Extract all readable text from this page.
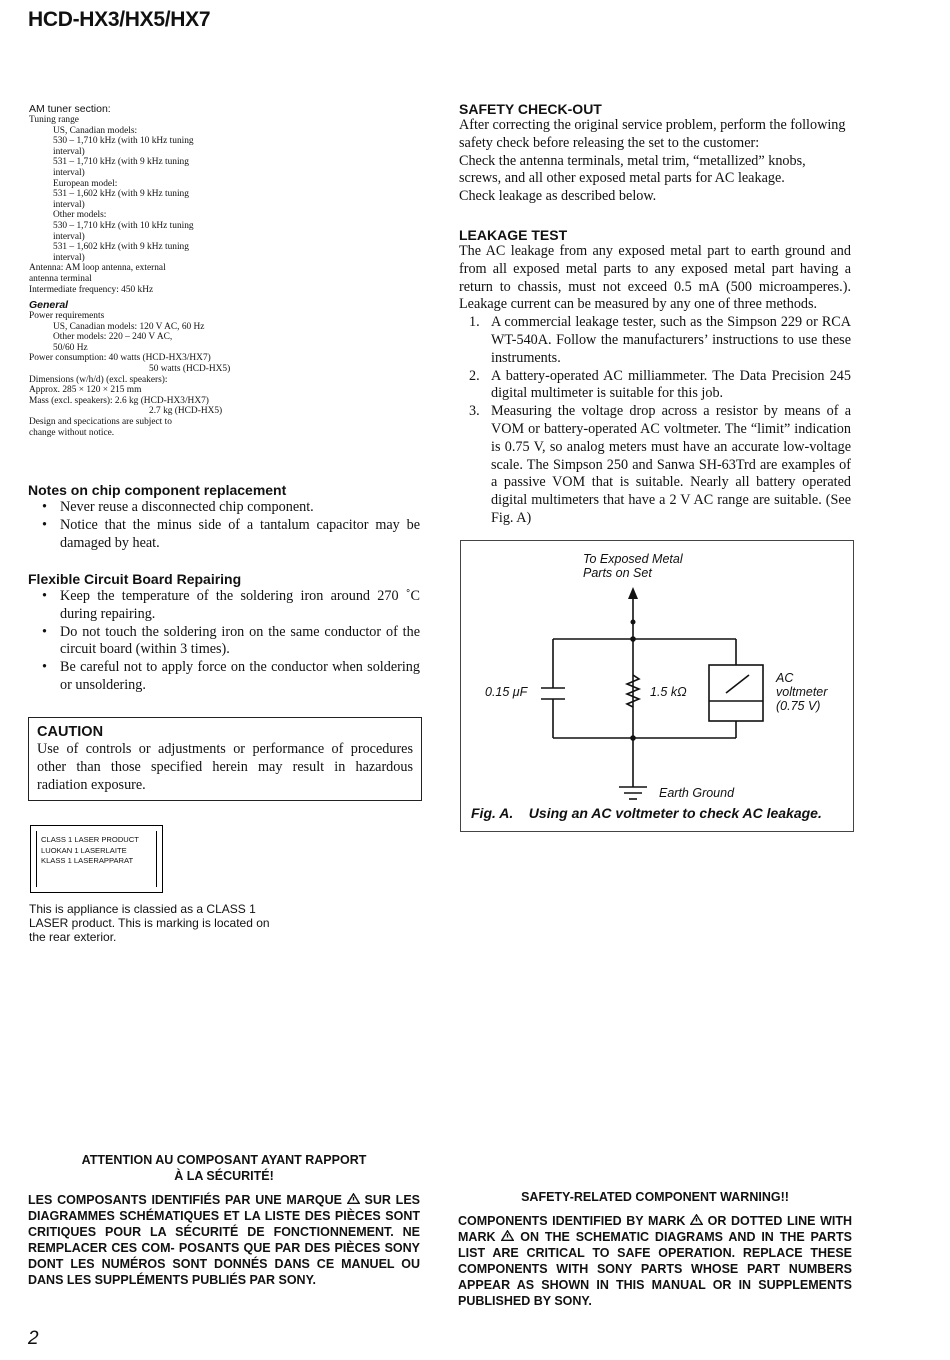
HCD-HX3/HX5/HX7
AM tuner section:
Tuning range
US, Canadian models:
530 – 1,710 kHz (with 10 kHz tuning
interval)
531 – 1,710 kHz (with 9 kHz tuning
interval)
European model:
531 – 1,602 kHz (with 9 kHz tuning
interval)
Other models:
530 – 1,710 kHz (with 10 kHz tuning
interval)
531 – 1,602 kHz (with 9 kHz tuning
interval)
Antenna: AM loop antenna, external
antenna terminal
Intermediate frequency: 450 kHz
General
Power requirements
US, Canadian models: 120 V AC, 60 Hz
Other models: 220 – 240 V AC,
50/60 Hz
Power consumption: 40 watts (HCD-HX3/HX7)
50 watts (HCD-HX5)
Dimensions (w/h/d) (excl. speakers):
Approx. 285 × 120 × 215 mm
Mass (excl. speakers): 2.6 kg (HCD-HX3/HX7)
2.7 kg (HCD-HX5)
Design and specications are subject to
change without notice.
Notes on chip component replacement
• Never reuse a disconnected chip component.
• Notice that the minus side of a tantalum capacitor may be damaged by heat.
Flexible Circuit Board Repairing
• Keep the temperature of the soldering iron around 270 ˚C during repairing.
• Do not touch the soldering iron on the same conductor of the circuit board (within 3 times).
• Be careful not to apply force on the conductor when soldering or unsoldering.
CAUTION
Use of controls or adjustments or performance of procedures other than those specified herein may result in hazardous radiation exposure.
CLASS 1 LASER PRODUCT
LUOKAN 1 LASERLAITE
KLASS 1 LASERAPPARAT
This is appliance is classied as a CLASS 1 LASER product. This is marking is located on the rear exterior.
SAFETY CHECK-OUT
After correcting the original service problem, perform the following safety check before releasing the set to the customer:
Check the antenna terminals, metal trim, “metallized” knobs, screws, and all other exposed metal parts for AC leakage.
Check leakage as described below.
LEAKAGE TEST
The AC leakage from any exposed metal part to earth ground and from all exposed metal parts to any exposed metal part having a return to chassis, must not exceed 0.5 mA (500 microamperes.). Leakage current can be measured by any one of three methods.
1. A commercial leakage tester, such as the Simpson 229 or RCA WT-540A. Follow the manufacturers’ instructions to use these instruments.
2. A battery-operated AC milliammeter. The Data Precision 245 digital multimeter is suitable for this job.
3. Measuring the voltage drop across a resistor by means of a VOM or battery-operated AC voltmeter. The “limit” indication is 0.75 V, so analog meters must have an accurate low-voltage scale. The Simpson 250 and Sanwa SH-63Trd are examples of a passive VOM that is suitable. Nearly all battery operated digital multimeters that have a 2 V AC range are suitable. (See Fig. A)
To Exposed Metal
Parts on Set
0.15 μF	1.5 kΩ
AC
voltmeter
(0.75 V)
Earth Ground
Fig. A.    Using an AC voltmeter to check AC leakage.
ATTENTION AU COMPOSANT AYANT RAPPORT
À LA SÉCURITÉ!
LES COMPOSANTS IDENTIFIÉS PAR UNE MARQUE  SUR LES DIAGRAMMES SCHÉMATIQUES ET LA LISTE DES PIÈCES SONT CRITIQUES POUR LA SÉCURITÉ DE FONCTIONNEMENT. NE REMPLACER CES COM- POSANTS QUE PAR DES PIÈCES SONY DONT LES NUMÉROS SONT DONNÉS DANS CE MANUEL OU DANS LES SUPPLÉMENTS PUBLIÉS PAR SONY.
SAFETY-RELATED COMPONENT WARNING!!
COMPONENTS IDENTIFIED BY MARK  OR DOTTED LINE WITH MARK  ON THE SCHEMATIC DIAGRAMS AND IN THE PARTS LIST ARE CRITICAL TO SAFE OPERATION. REPLACE THESE COMPONENTS WITH SONY PARTS WHOSE PART NUMBERS APPEAR AS SHOWN IN THIS MANUAL OR IN SUPPLEMENTS PUBLISHED BY SONY.
2
